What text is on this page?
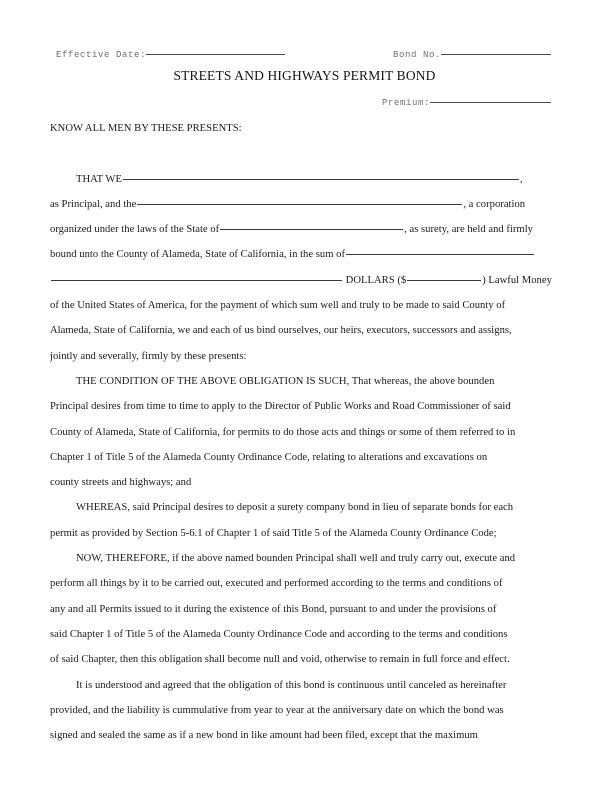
Effective Date:	Bond No.
STREETS AND HIGHWAYS PERMIT BOND
Premium:
KNOW ALL MEN BY THESE PRESENTS:
THAT WE	,
as Principal, and the	, a corporation
organized under the laws of the State of	, as surety, are held and firmly
bound unto the County of Alameda, State of California, in the sum of
DOLLARS ($	) Lawful Money
of the United States of America, for the payment of which sum well and truly to be made to said County of
Alameda, State of California, we and each of us bind ourselves, our heirs, executors, successors and assigns,
jointly and severally, firmly by these presents:
THE CONDITION OF THE ABOVE OBLIGATION IS SUCH, That whereas, the above bounden
Principal desires from time to time to apply to the Director of Public Works and Road Commissioner of said
County of Alameda, State of California, for permits to do those acts and things or some of them referred to in
Chapter 1 of Title 5 of the Alameda County Ordinance Code, relating to alterations and excavations on
county streets and highways; and
WHEREAS, said Principal desires to deposit a surety company bond in lieu of separate bonds for each
permit as provided by Section 5-6.1 of Chapter 1 of said Title 5 of the Alameda County Ordinance Code;
NOW, THEREFORE, if the above named bounden Principal shall well and truly carry out, execute and
perform all things by it to be carried out, executed and performed according to the terms and conditions of
any and all Permits issued to it during the existence of this Bond, pursuant to and under the provisions of
said Chapter 1 of Title 5 of the Alameda County Ordinance Code and according to the terms and conditions
of said Chapter, then this obligation shall become null and void, otherwise to remain in full force and effect.
It is understood and agreed that the obligation of this bond is continuous until canceled as hereinafter
provided, and the liability is cummulative from year to year at the anniversary date on which the bond was
signed and sealed the same as if a new bond in like amount had been filed, except that the maximum
